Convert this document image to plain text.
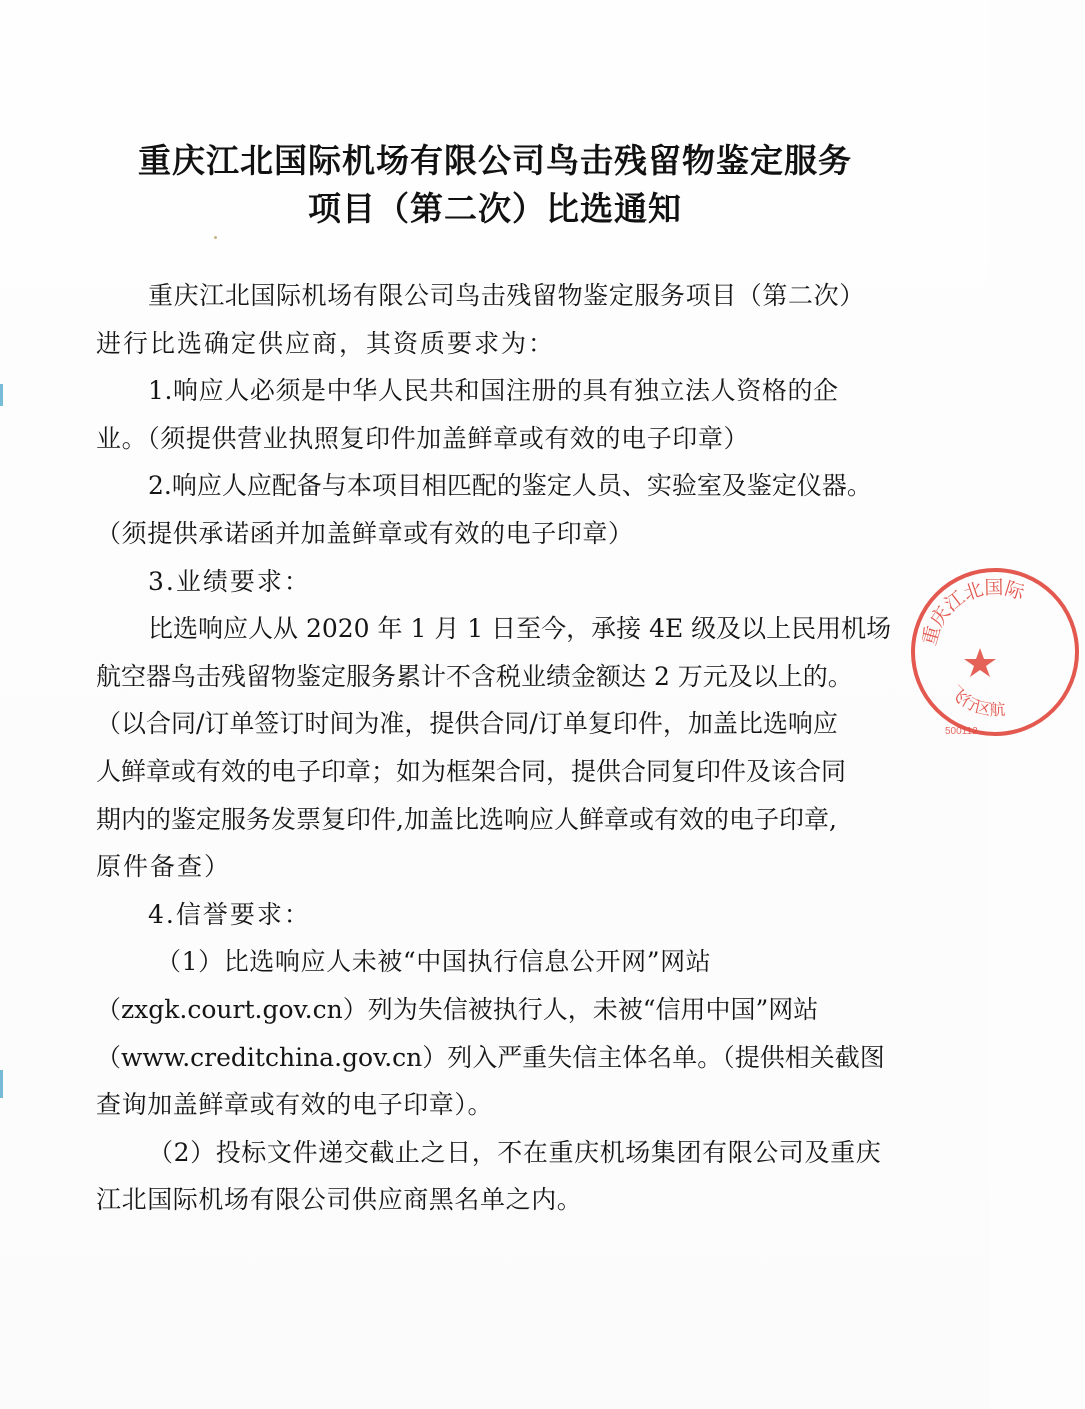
重庆江北国际机场有限公司鸟击残留物鉴定服务
项目（第二次）比选通知
重庆江北国际机场有限公司鸟击残留物鉴定服务项目（第二次）
进行比选确定供应商，其资质要求为：
1.响应人必须是中华人民共和国注册的具有独立法人资格的企
业。（须提供营业执照复印件加盖鲜章或有效的电子印章）
2.响应人应配备与本项目相匹配的鉴定人员、实验室及鉴定仪器。
（须提供承诺函并加盖鲜章或有效的电子印章）
3.业绩要求：
比选响应人从 2020 年 1 月 1 日至今，承接 4E 级及以上民用机场
航空器鸟击残留物鉴定服务累计不含税业绩金额达 2 万元及以上的。
（以合同/订单签订时间为准，提供合同/订单复印件，加盖比选响应
人鲜章或有效的电子印章；如为框架合同，提供合同复印件及该合同
期内的鉴定服务发票复印件,加盖比选响应人鲜章或有效的电子印章,
原件备查）
4.信誉要求：
（1）比选响应人未被“中国执行信息公开网”网站
（zxgk.court.gov.cn）列为失信被执行人，未被“信用中国”网站
（www.creditchina.gov.cn）列入严重失信主体名单。（提供相关截图
查询加盖鲜章或有效的电子印章）。
（2）投标文件递交截止之日，不在重庆机场集团有限公司及重庆
江北国际机场有限公司供应商黑名单之内。
重庆江北国际
飞行区航
500112
